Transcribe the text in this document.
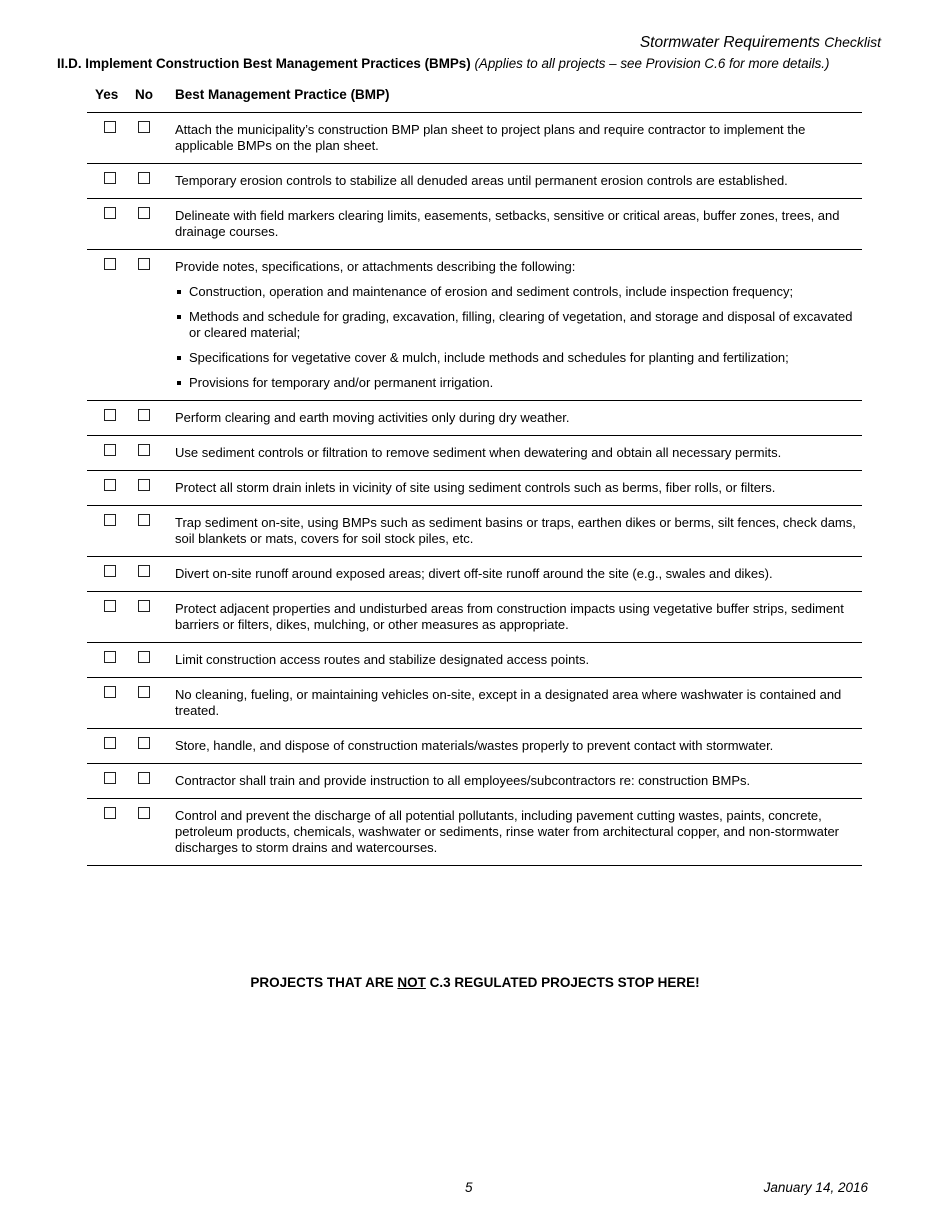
Stormwater Requirements Checklist
II.D. Implement Construction Best Management Practices (BMPs) (Applies to all projects – see Provision C.6 for more details.)
Yes No Best Management Practice (BMP)
Attach the municipality’s construction BMP plan sheet to project plans and require contractor to implement the applicable BMPs on the plan sheet.
Temporary erosion controls to stabilize all denuded areas until permanent erosion controls are established.
Delineate with field markers clearing limits, easements, setbacks, sensitive or critical areas, buffer zones, trees, and drainage courses.
Provide notes, specifications, or attachments describing the following:
Construction, operation and maintenance of erosion and sediment controls, include inspection frequency;
Methods and schedule for grading, excavation, filling, clearing of vegetation, and storage and disposal of excavated or cleared material;
Specifications for vegetative cover & mulch, include methods and schedules for planting and fertilization;
Provisions for temporary and/or permanent irrigation.
Perform clearing and earth moving activities only during dry weather.
Use sediment controls or filtration to remove sediment when dewatering and obtain all necessary permits.
Protect all storm drain inlets in vicinity of site using sediment controls such as berms, fiber rolls, or filters.
Trap sediment on-site, using BMPs such as sediment basins or traps, earthen dikes or berms, silt fences, check dams, soil blankets or mats, covers for soil stock piles, etc.
Divert on-site runoff around exposed areas; divert off-site runoff around the site (e.g., swales and dikes).
Protect adjacent properties and undisturbed areas from construction impacts using vegetative buffer strips, sediment barriers or filters, dikes, mulching, or other measures as appropriate.
Limit construction access routes and stabilize designated access points.
No cleaning, fueling, or maintaining vehicles on-site, except in a designated area where washwater is contained and treated.
Store, handle, and dispose of construction materials/wastes properly to prevent contact with stormwater.
Contractor shall train and provide instruction to all employees/subcontractors re: construction BMPs.
Control and prevent the discharge of all potential pollutants, including pavement cutting wastes, paints, concrete, petroleum products, chemicals, washwater or sediments, rinse water from architectural copper, and non-stormwater discharges to storm drains and watercourses.
PROJECTS THAT ARE NOT C.3 REGULATED PROJECTS STOP HERE!
5	January 14, 2016
